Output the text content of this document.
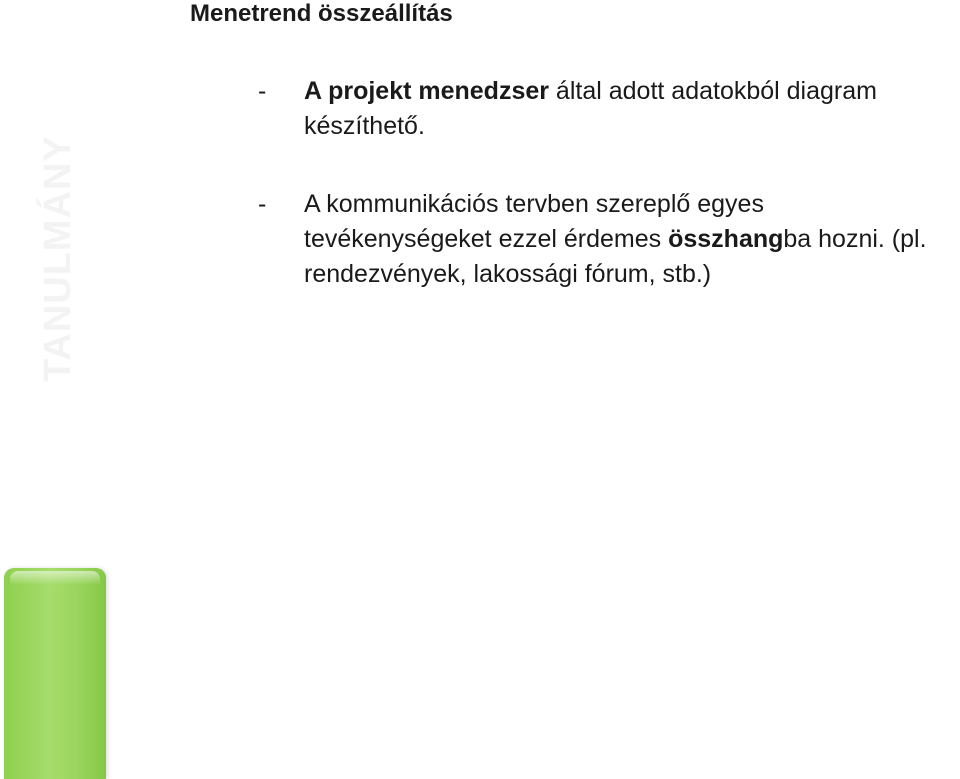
Menetrend összeállítás
TANULMÁNY
- A projekt menedzser által adott adatokból diagram készíthető.
- A kommunikációs tervben szereplő egyes tevékenységeket ezzel érdemes összhangba hozni. (pl. rendezvények, lakossági fórum, stb.)
